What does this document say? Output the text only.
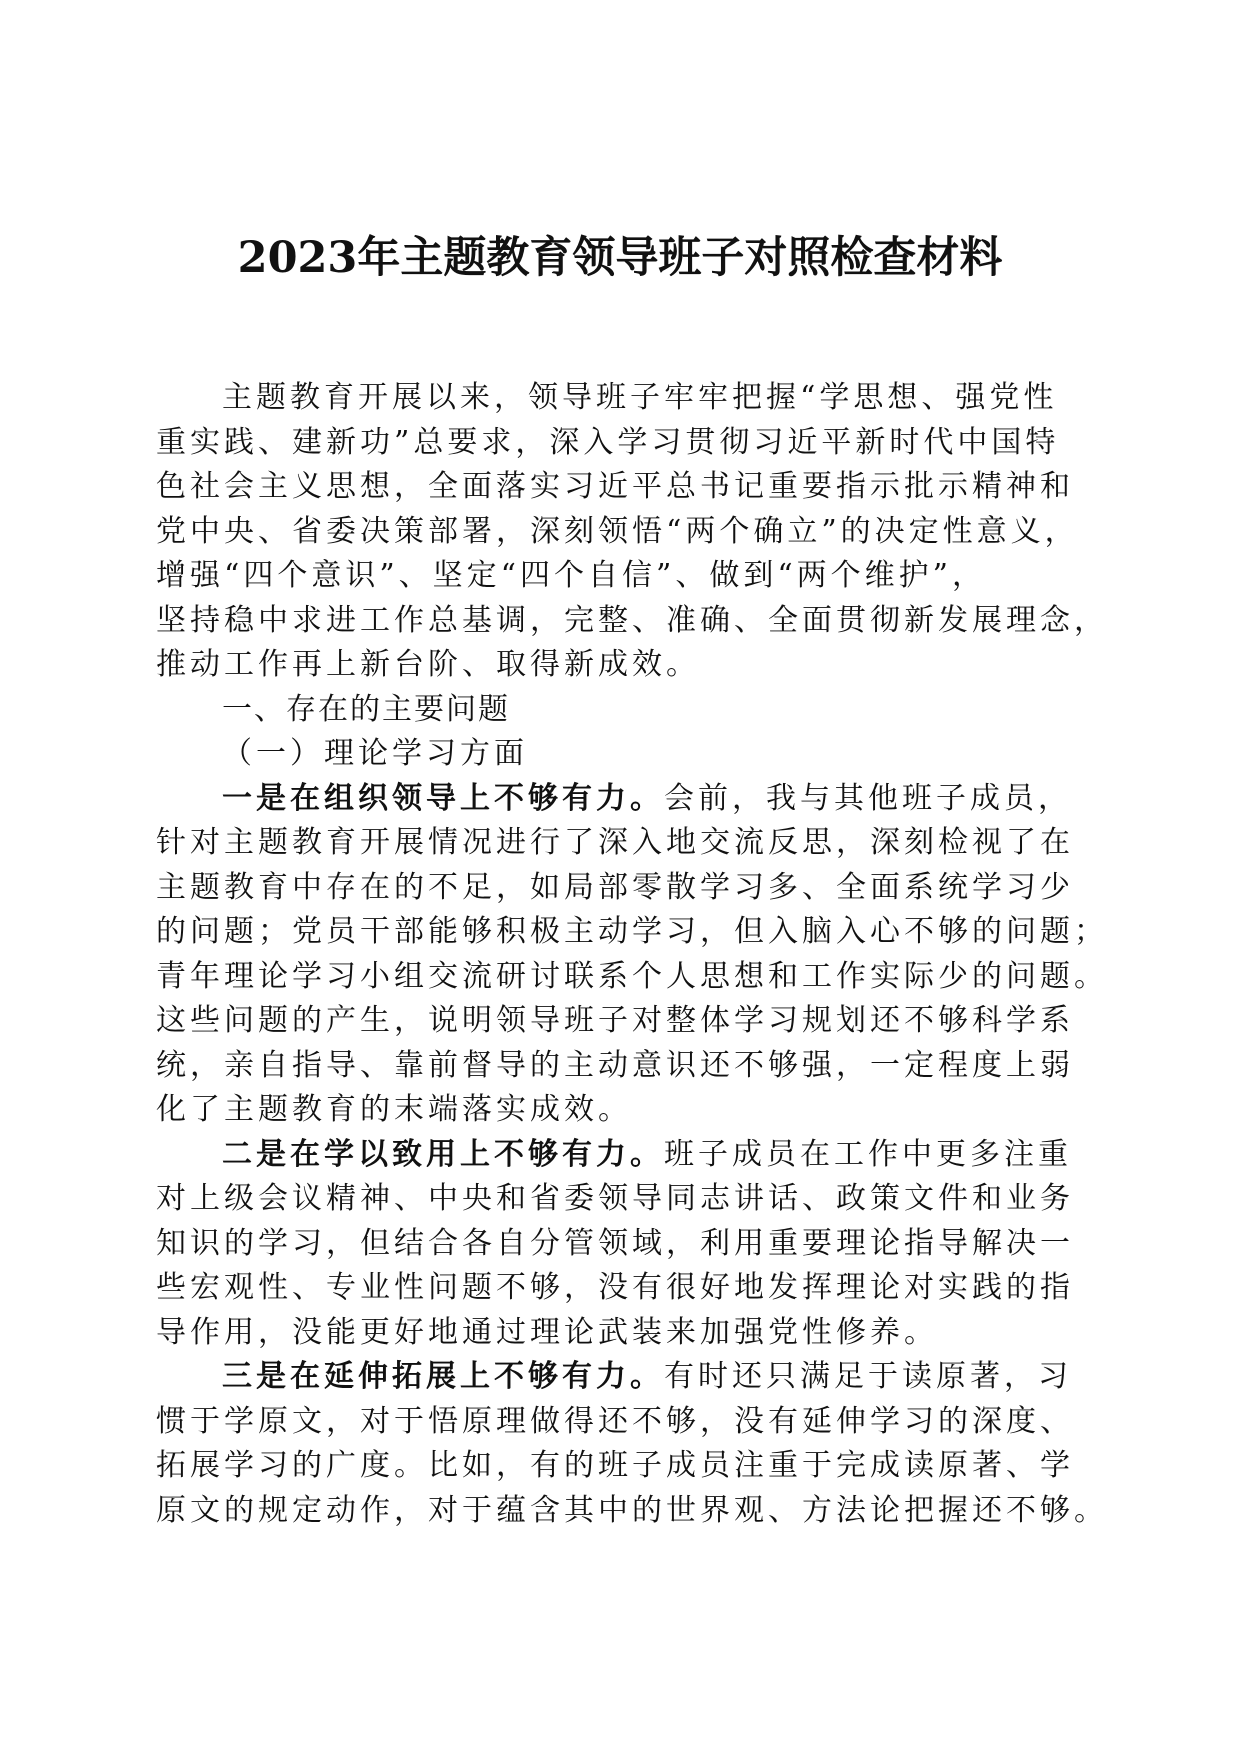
2023年主题教育领导班子对照检查材料
主题教育开展以来，领导班子牢牢把握“学思想、强党性
重实践、建新功”总要求，深入学习贯彻习近平新时代中国特
色社会主义思想，全面落实习近平总书记重要指示批示精神和
党中央、省委决策部署，深刻领悟“两个确立”的决定性意义，
增强“四个意识”、坚定“四个自信”、做到“两个维护”，
坚持稳中求进工作总基调，完整、准确、全面贯彻新发展理念，
推动工作再上新台阶、取得新成效。
一、存在的主要问题
（一）理论学习方面
一是在组织领导上不够有力。会前，我与其他班子成员，
针对主题教育开展情况进行了深入地交流反思，深刻检视了在
主题教育中存在的不足，如局部零散学习多、全面系统学习少
的问题；党员干部能够积极主动学习，但入脑入心不够的问题；
青年理论学习小组交流研讨联系个人思想和工作实际少的问题。
这些问题的产生，说明领导班子对整体学习规划还不够科学系
统，亲自指导、靠前督导的主动意识还不够强，一定程度上弱
化了主题教育的末端落实成效。
二是在学以致用上不够有力。班子成员在工作中更多注重
对上级会议精神、中央和省委领导同志讲话、政策文件和业务
知识的学习，但结合各自分管领域，利用重要理论指导解决一
些宏观性、专业性问题不够，没有很好地发挥理论对实践的指
导作用，没能更好地通过理论武装来加强党性修养。
三是在延伸拓展上不够有力。有时还只满足于读原著，习
惯于学原文，对于悟原理做得还不够，没有延伸学习的深度、
拓展学习的广度。比如，有的班子成员注重于完成读原著、学
原文的规定动作，对于蕴含其中的世界观、方法论把握还不够。
